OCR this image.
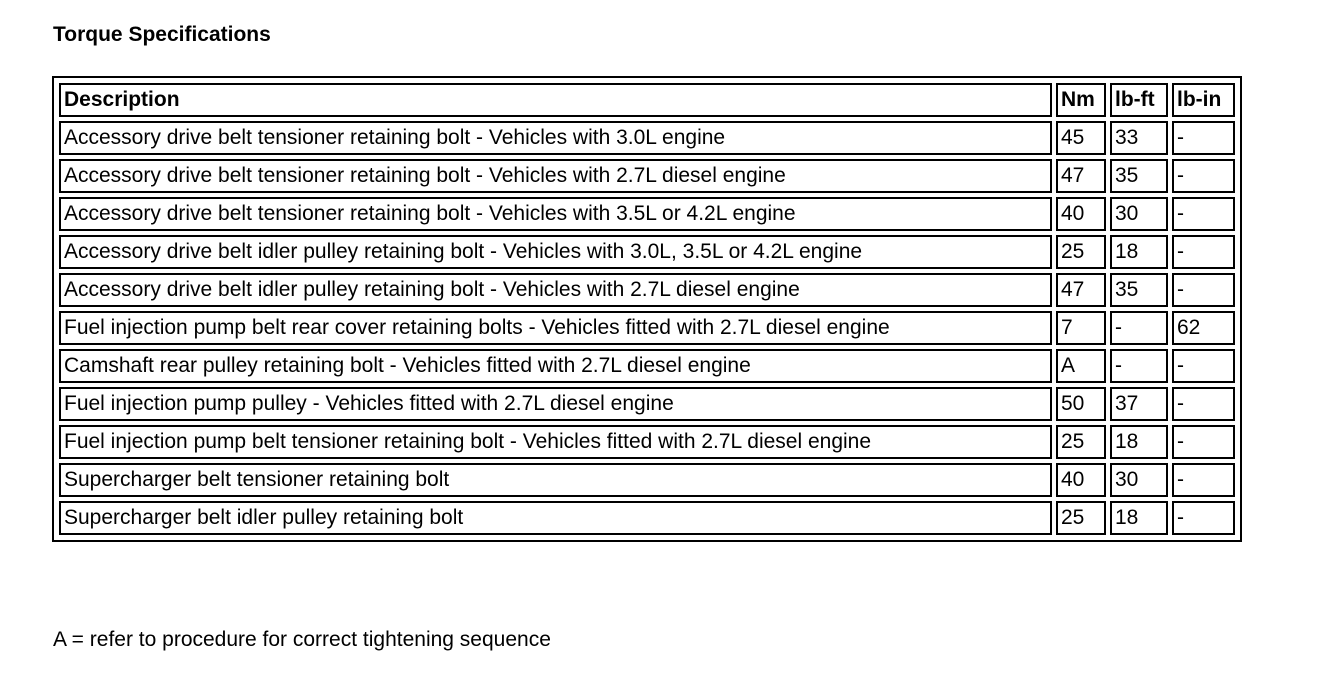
Torque Specifications
Description	Nm	lb-ft	lb-in
Accessory drive belt tensioner retaining bolt - Vehicles with 3.0L engine	45	33	-
Accessory drive belt tensioner retaining bolt - Vehicles with 2.7L diesel engine	47	35	-
Accessory drive belt tensioner retaining bolt - Vehicles with 3.5L or 4.2L engine	40	30	-
Accessory drive belt idler pulley retaining bolt - Vehicles with 3.0L, 3.5L or 4.2L engine	25	18	-
Accessory drive belt idler pulley retaining bolt - Vehicles with 2.7L diesel engine	47	35	-
Fuel injection pump belt rear cover retaining bolts - Vehicles fitted with 2.7L diesel engine	7	-	62
Camshaft rear pulley retaining bolt - Vehicles fitted with 2.7L diesel engine	A	-	-
Fuel injection pump pulley - Vehicles fitted with 2.7L diesel engine	50	37	-
Fuel injection pump belt tensioner retaining bolt - Vehicles fitted with 2.7L diesel engine	25	18	-
Supercharger belt tensioner retaining bolt	40	30	-
Supercharger belt idler pulley retaining bolt	25	18	-

A = refer to procedure for correct tightening sequence
